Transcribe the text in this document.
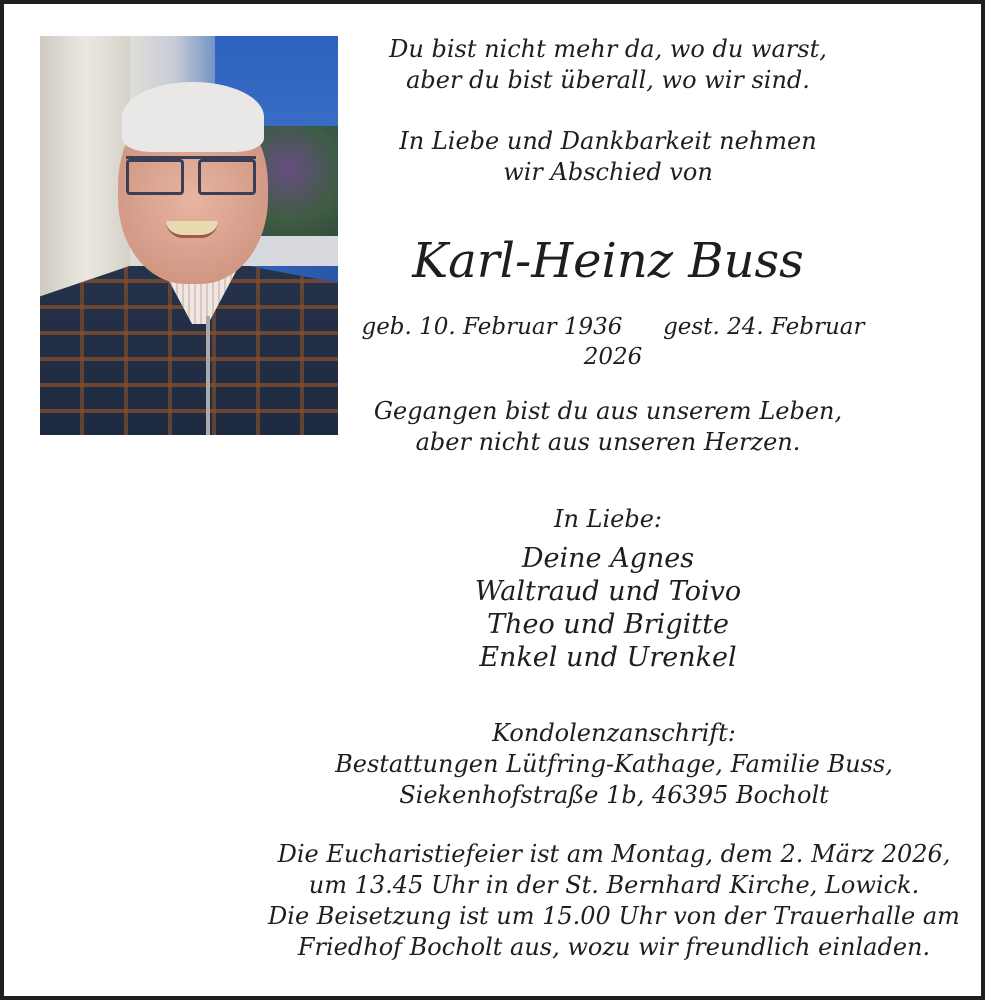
Du bist nicht mehr da, wo du warst,
aber du bist überall, wo wir sind.
In Liebe und Dankbarkeit nehmen
wir Abschied von
Karl-Heinz Buss
geb. 10. Februar 1936 gest. 24. Februar 2026
Gegangen bist du aus unserem Leben,
aber nicht aus unseren Herzen.
In Liebe:
Deine Agnes
Waltraud und Toivo
Theo und Brigitte
Enkel und Urenkel
Kondolenzanschrift:
Bestattungen Lütfring-Kathage, Familie Buss,
Siekenhofstraße 1b, 46395 Bocholt
Die Eucharistiefeier ist am Montag, dem 2. März 2026,
um 13.45 Uhr in der St. Bernhard Kirche, Lowick.
Die Beisetzung ist um 15.00 Uhr von der Trauerhalle am
Friedhof Bocholt aus, wozu wir freundlich einladen.
